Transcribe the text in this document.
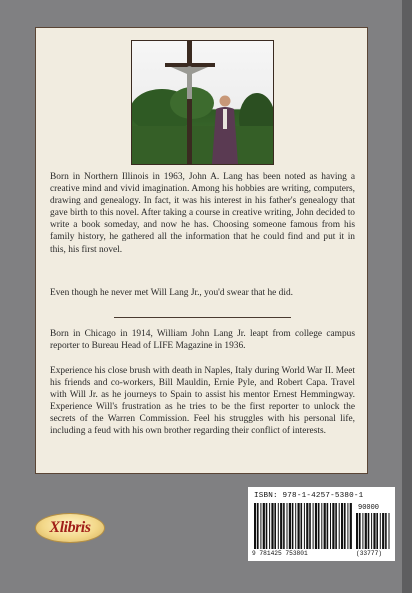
Born in Northern Illinois in 1963, John A. Lang has been noted as having a creative mind and vivid imagination. Among his hobbies are writing, computers, drawing and genealogy. In fact, it was his interest in his father's genealogy that gave birth to this novel. After taking a course in creative writing, John decided to write a book someday, and now he has. Choosing someone famous from his family history, he gathered all the information that he could find and put it in this, his first novel.

Even though he never met Will Lang Jr., you'd swear that he did.

Born in Chicago in 1914, William John Lang Jr. leapt from college campus reporter to Bureau Head of LIFE Magazine in 1936.

Experience his close brush with death in Naples, Italy during World War II. Meet his friends and co-workers, Bill Mauldin, Ernie Pyle, and Robert Capa. Travel with Will Jr. as he journeys to Spain to assist his mentor Ernest Hemmingway. Experience Will's frustration as he tries to be the first reporter to unlock the secrets of the Warren Commission. Feel his struggles with his personal life, including a feud with his own brother regarding their conflict of interests.

Xlibris
ISBN: 978-1-4257-5380-1
90000
9 781425 753801	(33777)
